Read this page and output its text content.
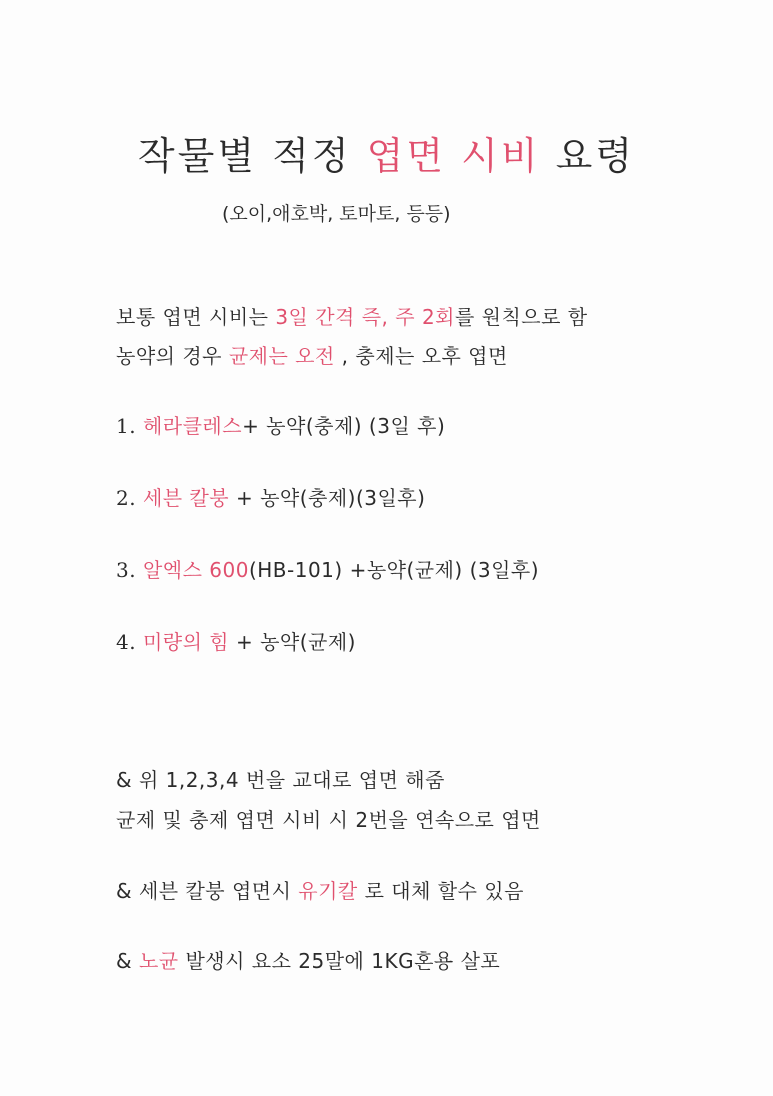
작물별 적정 엽면 시비 요령
(오이,애호박, 토마토, 등등)
보통 엽면 시비는 3일 간격 즉, 주 2회를 원칙으로 함
농약의 경우 균제는 오전 , 충제는 오후 엽면
1. 헤라클레스+ 농약(충제) (3일 후)
2. 세븐 칼붕 + 농약(충제)(3일후)
3. 알엑스 600(HB-101) +농약(균제) (3일후)
4. 미량의 힘 + 농약(균제)
& 위 1,2,3,4 번을 교대로 엽면 해줌
균제 및 충제 엽면 시비 시 2번을 연속으로 엽면
& 세븐 칼붕 엽면시 유기칼 로 대체 할수 있음
& 노균 발생시 요소 25말에 1KG혼용 살포
